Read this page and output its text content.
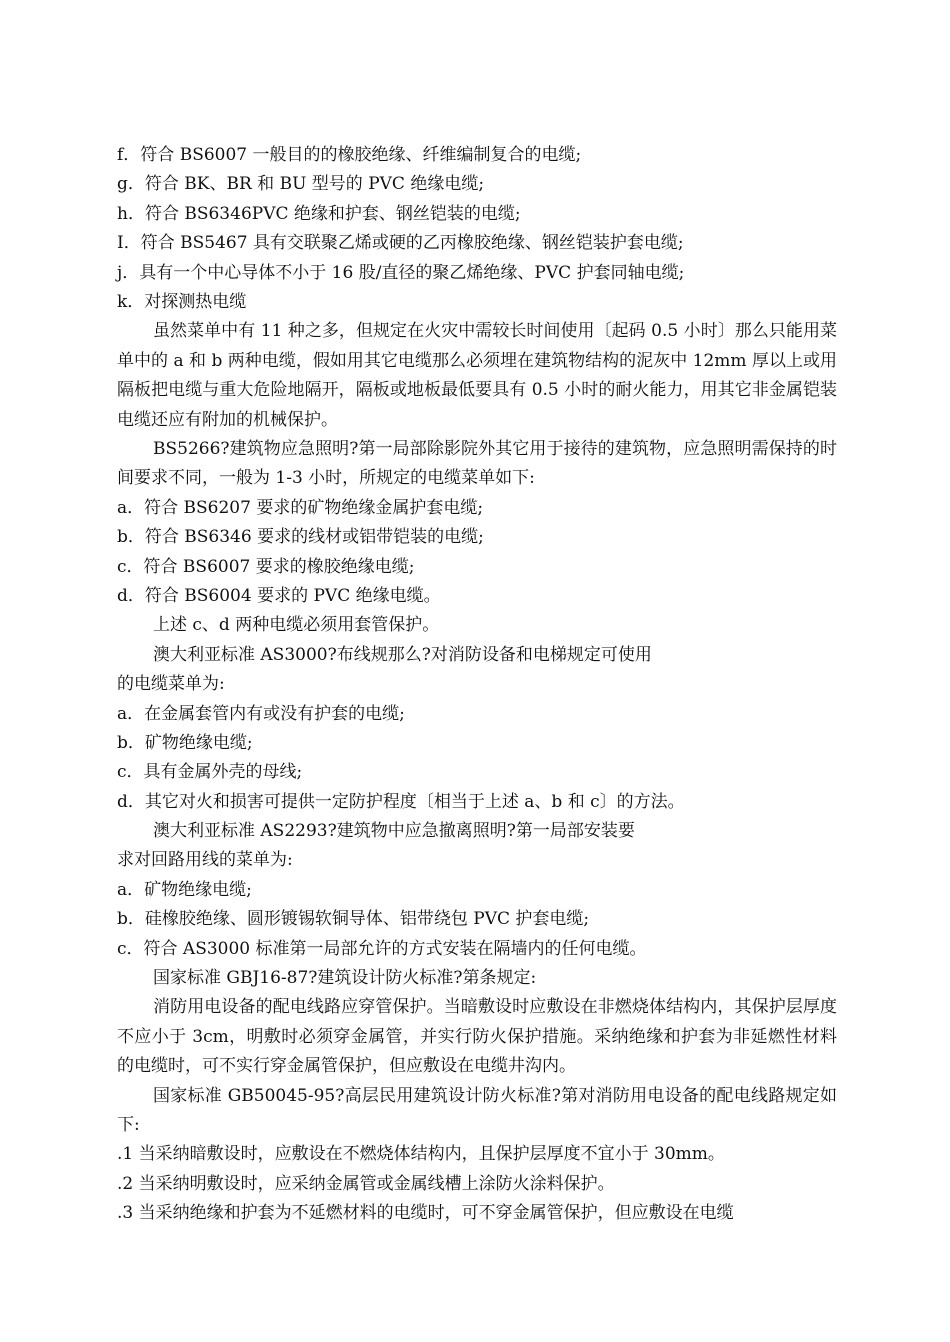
f．符合 BS6007 一般目的的橡胶绝缘、纤维编制复合的电缆;
g．符合 BK、BR 和 BU 型号的 PVC 绝缘电缆;
h．符合 BS6346PVC 绝缘和护套、钢丝铠装的电缆;
I．符合 BS5467 具有交联聚乙烯或硬的乙丙橡胶绝缘、钢丝铠装护套电缆;
j．具有一个中心导体不小于 16 股/直径的聚乙烯绝缘、PVC 护套同轴电缆;
k．对探测热电缆
虽然菜单中有 11 种之多，但规定在火灾中需较长时间使用〔起码 0.5 小时〕那么只能用菜单中的 a 和 b 两种电缆，假如用其它电缆那么必须埋在建筑物结构的泥灰中 12mm 厚以上或用隔板把电缆与重大危险地隔开，隔板或地板最低要具有 0.5 小时的耐火能力，用其它非金属铠装电缆还应有附加的机械保护。
BS5266?建筑物应急照明?第一局部除影院外其它用于接待的建筑物，应急照明需保持的时间要求不同，一般为 1-3 小时，所规定的电缆菜单如下:
a．符合 BS6207 要求的矿物绝缘金属护套电缆;
b．符合 BS6346 要求的线材或铝带铠装的电缆;
c．符合 BS6007 要求的橡胶绝缘电缆;
d．符合 BS6004 要求的 PVC 绝缘电缆。
上述 c、d 两种电缆必须用套管保护。
澳大利亚标准 AS3000?布线规那么?对消防设备和电梯规定可使用
的电缆菜单为:
a．在金属套管内有或没有护套的电缆;
b．矿物绝缘电缆;
c．具有金属外壳的母线;
d．其它对火和损害可提供一定防护程度〔相当于上述 a、b 和 c〕的方法。
澳大利亚标准 AS2293?建筑物中应急撤离照明?第一局部安装要
求对回路用线的菜单为:
a．矿物绝缘电缆;
b．硅橡胶绝缘、圆形镀锡软铜导体、铝带绕包 PVC 护套电缆;
c．符合 AS3000 标准第一局部允许的方式安装在隔墙内的任何电缆。
国家标准 GBJ16-87?建筑设计防火标准?第条规定:
消防用电设备的配电线路应穿管保护。当暗敷设时应敷设在非燃烧体结构内，其保护层厚度不应小于 3cm，明敷时必须穿金属管，并实行防火保护措施。采纳绝缘和护套为非延燃性材料的电缆时，可不实行穿金属管保护，但应敷设在电缆井沟内。
国家标准 GB50045-95?高层民用建筑设计防火标准?第对消防用电设备的配电线路规定如下:
.1 当采纳暗敷设时，应敷设在不燃烧体结构内，且保护层厚度不宜小于 30mm。
.2 当采纳明敷设时，应采纳金属管或金属线槽上涂防火涂料保护。
.3 当采纳绝缘和护套为不延燃材料的电缆时，可不穿金属管保护，但应敷设在电缆
